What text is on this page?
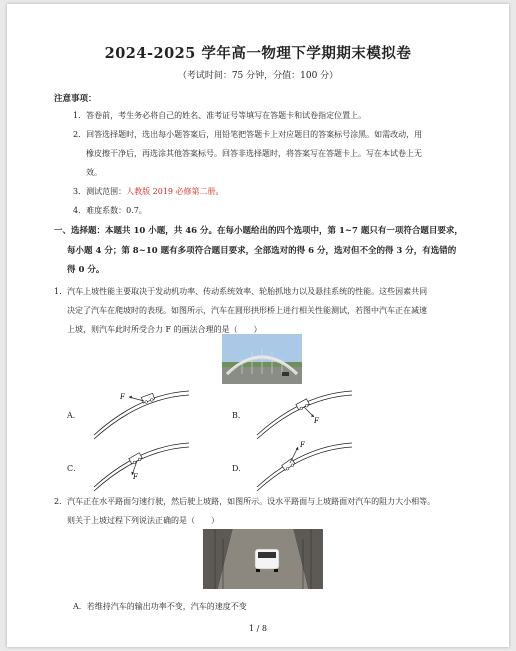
2024-2025 学年高一物理下学期期末模拟卷
（考试时间：75 分钟，分值：100 分）
注意事项：
1．答卷前，考生务必将自己的姓名、准考证号等填写在答题卡和试卷指定位置上。
2．回答选择题时，选出每小题答案后，用铅笔把答题卡上对应题目的答案标号涂黑。如需改动，用
橡皮擦干净后，再选涂其他答案标号。回答非选择题时，将答案写在答题卡上。写在本试卷上无
效。
3．测试范围：人教版 2019 必修第二册。
4．难度系数：0.7。
一、选择题：本题共 10 小题，共 46 分。在每小题给出的四个选项中，第 1~7 题只有一项符合题目要求，
每小题 4 分；第 8~10 题有多项符合题目要求，全部选对的得 6 分，选对但不全的得 3 分，有选错的
得 0 分。
1．汽车上坡性能主要取决于发动机功率、传动系统效率、轮胎抓地力以及悬挂系统的性能。这些因素共同
决定了汽车在爬坡时的表现。如图所示，汽车在圆形拱形桥上进行相关性能测试，若图中汽车正在减速
上坡，则汽车此时所受合力 F 的画法合理的是（　　）
A．
F
B．
F
C．
F
D．
F
2．汽车正在水平路面匀速行驶，然后驶上坡路，如图所示。设水平路面与上坡路面对汽车的阻力大小相等。
则关于上坡过程下列说法正确的是（　　）
A．若维持汽车的输出功率不变，汽车的速度不变
1 / 8
